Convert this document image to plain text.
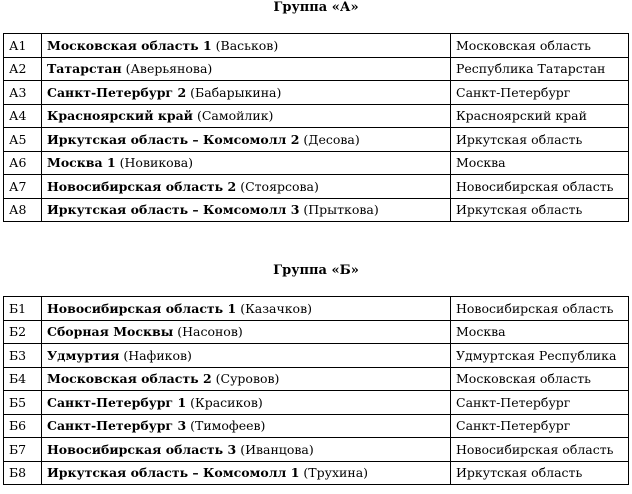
Группа «А»
А1	Московская область 1 (Васьков)	Московская область
А2	Татарстан (Аверьянова)	Республика Татарстан
А3	Санкт-Петербург 2 (Бабарыкина)	Санкт-Петербург
А4	Красноярский край (Самойлик)	Красноярский край
А5	Иркутская область – Комсомолл 2 (Десова)	Иркутская область
А6	Москва 1 (Новикова)	Москва
А7	Новосибирская область 2 (Стоярсова)	Новосибирская область
А8	Иркутская область – Комсомолл 3 (Прыткова)	Иркутская область
Группа «Б»
Б1	Новосибирская область 1 (Казачков)	Новосибирская область
Б2	Сборная Москвы (Насонов)	Москва
Б3	Удмуртия (Нафиков)	Удмуртская Республика
Б4	Московская область 2 (Суровов)	Московская область
Б5	Санкт-Петербург 1 (Красиков)	Санкт-Петербург
Б6	Санкт-Петербург 3 (Тимофеев)	Санкт-Петербург
Б7	Новосибирская область 3 (Иванцова)	Новосибирская область
Б8	Иркутская область – Комсомолл 1 (Трухина)	Иркутская область
